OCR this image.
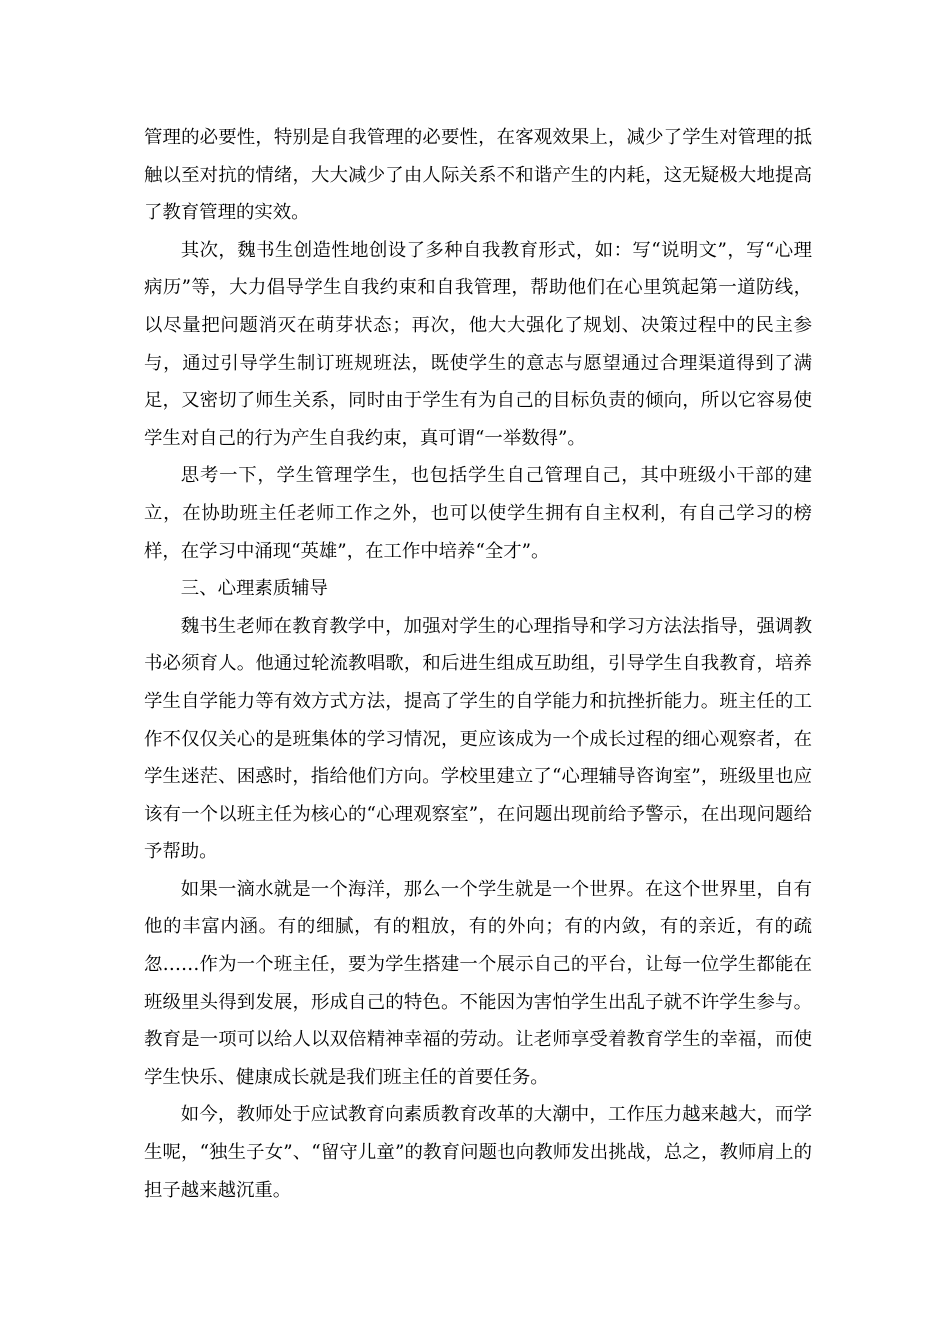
管理的必要性，特别是自我管理的必要性，在客观效果上，减少了学生对管理的抵触以至对抗的情绪，大大减少了由人际关系不和谐产生的内耗，这无疑极大地提高了教育管理的实效。

其次，魏书生创造性地创设了多种自我教育形式，如：写“说明文”，写“心理病历”等，大力倡导学生自我约束和自我管理，帮助他们在心里筑起第一道防线，以尽量把问题消灭在萌芽状态；再次，他大大强化了规划、决策过程中的民主参与，通过引导学生制订班规班法，既使学生的意志与愿望通过合理渠道得到了满足，又密切了师生关系，同时由于学生有为自己的目标负责的倾向，所以它容易使学生对自己的行为产生自我约束，真可谓“一举数得”。

思考一下，学生管理学生，也包括学生自己管理自己，其中班级小干部的建立，在协助班主任老师工作之外，也可以使学生拥有自主权利，有自己学习的榜样，在学习中涌现“英雄”，在工作中培养“全才”。

三、心理素质辅导

魏书生老师在教育教学中，加强对学生的心理指导和学习方法法指导，强调教书必须育人。他通过轮流教唱歌，和后进生组成互助组，引导学生自我教育，培养学生自学能力等有效方式方法，提高了学生的自学能力和抗挫折能力。班主任的工作不仅仅关心的是班集体的学习情况，更应该成为一个成长过程的细心观察者，在学生迷茫、困惑时，指给他们方向。学校里建立了“心理辅导咨询室”，班级里也应该有一个以班主任为核心的“心理观察室”，在问题出现前给予警示，在出现问题给予帮助。

如果一滴水就是一个海洋，那么一个学生就是一个世界。在这个世界里，自有他的丰富内涵。有的细腻，有的粗放，有的外向；有的内敛，有的亲近，有的疏忽……作为一个班主任，要为学生搭建一个展示自己的平台，让每一位学生都能在班级里头得到发展，形成自己的特色。不能因为害怕学生出乱子就不许学生参与。教育是一项可以给人以双倍精神幸福的劳动。让老师享受着教育学生的幸福，而使学生快乐、健康成长就是我们班主任的首要任务。

如今，教师处于应试教育向素质教育改革的大潮中，工作压力越来越大，而学生呢，“独生子女”、“留守儿童”的教育问题也向教师发出挑战，总之，教师肩上的担子越来越沉重。
